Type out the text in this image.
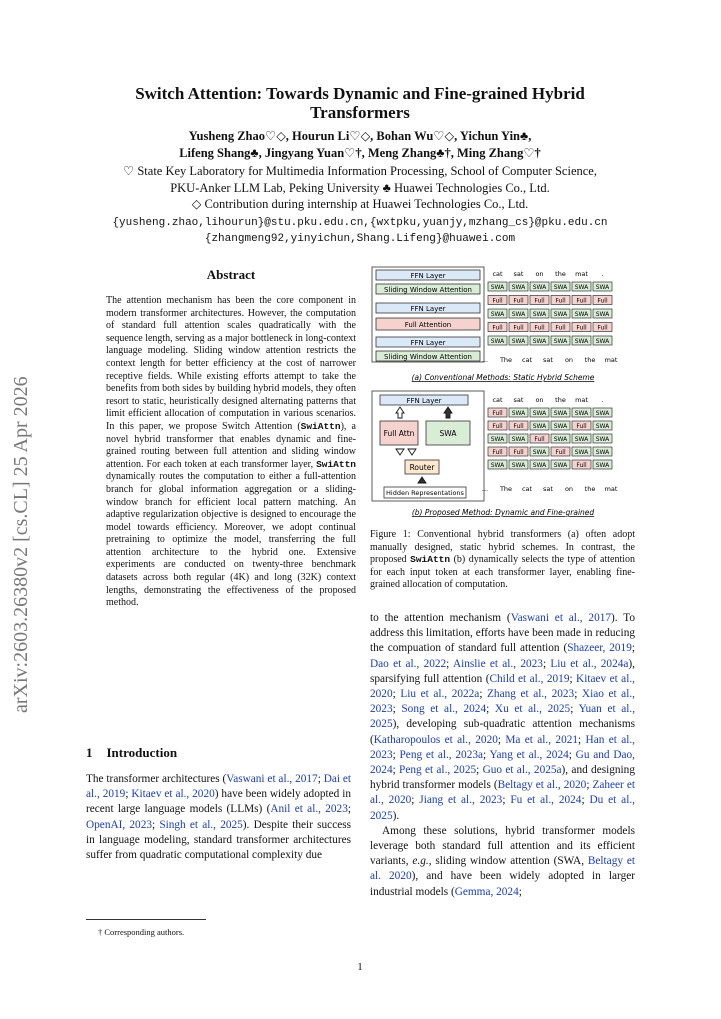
arXiv:2603.26380v2 [cs.CL] 25 Apr 2026
Switch Attention: Towards Dynamic and Fine-grained Hybrid
Transformers
Yusheng Zhao♡◇, Hourun Li♡◇, Bohan Wu♡◇, Yichun Yin♣,
Lifeng Shang♣, Jingyang Yuan♡†, Meng Zhang♣†, Ming Zhang♡†
♡ State Key Laboratory for Multimedia Information Processing, School of Computer Science,
PKU-Anker LLM Lab, Peking University ♣ Huawei Technologies Co., Ltd.
◇ Contribution during internship at Huawei Technologies Co., Ltd.
{yusheng.zhao,lihourun}@stu.pku.edu.cn,{wxtpku,yuanjy,mzhang_cs}@pku.edu.cn
{zhangmeng92,yinyichun,Shang.Lifeng}@huawei.com
Abstract
The attention mechanism has been the core component in modern transformer architectures. However, the computation of standard full attention scales quadratically with the sequence length, serving as a major bottleneck in long-context language modeling. Sliding window attention restricts the context length for better efficiency at the cost of narrower receptive fields. While existing efforts attempt to take the benefits from both sides by building hybrid models, they often resort to static, heuristically designed alternating patterns that limit efficient allocation of computation in various scenarios. In this paper, we propose Switch Attention (SwiAttn), a novel hybrid transformer that enables dynamic and fine-grained routing between full attention and sliding window attention. For each token at each transformer layer, SwiAttn dynamically routes the computation to either a full-attention branch for global information aggregation or a sliding-window branch for efficient local pattern matching. An adaptive regularization objective is designed to encourage the model towards efficiency. Moreover, we adopt continual pretraining to optimize the model, transferring the full attention architecture to the hybrid one. Extensive experiments are conducted on twenty-three benchmark datasets across both regular (4K) and long (32K) context lengths, demonstrating the effectiveness of the proposed method.
1 Introduction
The transformer architectures (Vaswani et al., 2017; Dai et al., 2019; Kitaev et al., 2020) have been widely adopted in recent large language models (LLMs) (Anil et al., 2023; OpenAI, 2023; Singh et al., 2025). Despite their success in language modeling, standard transformer architectures suffer from quadratic computational complexity due
† Corresponding authors.
1
FFN Layer
Sliding Window Attention
FFN Layer
Full Attention
FFN Layer
Sliding Window Attention
cat sat on the mat .
SWA SWA SWA SWA SWA SWA
Full Full Full Full Full Full
SWA SWA SWA SWA SWA SWA
Full Full Full Full Full Full
SWA SWA SWA SWA SWA SWA
... The cat sat on the mat
(a) Conventional Methods: Static Hybrid Scheme
FFN Layer
Full Attn	SWA
Router
Hidden Representations
cat sat on the mat .
Full SWA SWA SWA SWA SWA
Full Full SWA SWA Full SWA
SWA SWA Full SWA SWA SWA
Full Full SWA Full SWA SWA
SWA SWA SWA SWA Full SWA
... The cat sat on the mat
(b) Proposed Method: Dynamic and Fine-grained
Figure 1: Conventional hybrid transformers (a) often adopt manually designed, static hybrid schemes. In contrast, the proposed SwiAttn (b) dynamically selects the type of attention for each input token at each transformer layer, enabling fine-grained allocation of computation.
to the attention mechanism (Vaswani et al., 2017). To address this limitation, efforts have been made in reducing the compuation of standard full attention (Shazeer, 2019; Dao et al., 2022; Ainslie et al., 2023; Liu et al., 2024a), sparsifying full attention (Child et al., 2019; Kitaev et al., 2020; Liu et al., 2022a; Zhang et al., 2023; Xiao et al., 2023; Song et al., 2024; Xu et al., 2025; Yuan et al., 2025), developing sub-quadratic attention mechanisms (Katharopoulos et al., 2020; Ma et al., 2021; Han et al., 2023; Peng et al., 2023a; Yang et al., 2024; Gu and Dao, 2024; Peng et al., 2025; Guo et al., 2025a), and designing hybrid transformer models (Beltagy et al., 2020; Zaheer et al., 2020; Jiang et al., 2023; Fu et al., 2024; Du et al., 2025).
Among these solutions, hybrid transformer models leverage both standard full attention and its efficient variants, e.g., sliding window attention (SWA, Beltagy et al. 2020), and have been widely adopted in larger industrial models (Gemma, 2024;
